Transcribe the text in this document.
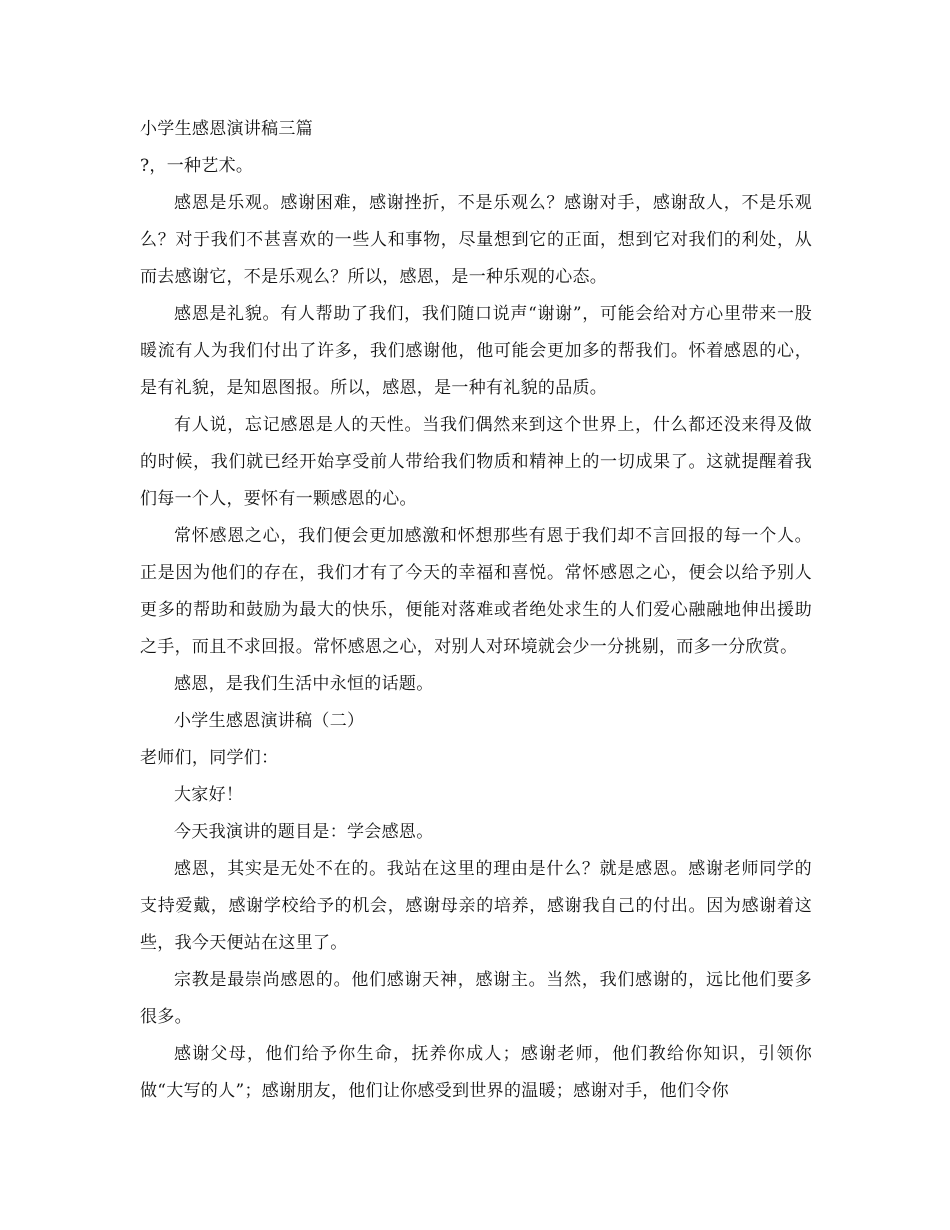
小学生感恩演讲稿三篇

?，一种艺术。

感恩是乐观。感谢困难，感谢挫折，不是乐观么？感谢对手，感谢敌人，不是乐观么？对于我们不甚喜欢的一些人和事物，尽量想到它的正面，想到它对我们的利处，从而去感谢它，不是乐观么？所以，感恩，是一种乐观的心态。

感恩是礼貌。有人帮助了我们，我们随口说声“谢谢”，可能会给对方心里带来一股暖流有人为我们付出了许多，我们感谢他，他可能会更加多的帮我们。怀着感恩的心，是有礼貌，是知恩图报。所以，感恩，是一种有礼貌的品质。

有人说，忘记感恩是人的天性。当我们偶然来到这个世界上，什么都还没来得及做的时候，我们就已经开始享受前人带给我们物质和精神上的一切成果了。这就提醒着我们每一个人，要怀有一颗感恩的心。

常怀感恩之心，我们便会更加感激和怀想那些有恩于我们却不言回报的每一个人。正是因为他们的存在，我们才有了今天的幸福和喜悦。常怀感恩之心，便会以给予别人更多的帮助和鼓励为最大的快乐，便能对落难或者绝处求生的人们爱心融融地伸出援助之手，而且不求回报。常怀感恩之心，对别人对环境就会少一分挑剔，而多一分欣赏。

感恩，是我们生活中永恒的话题。

小学生感恩演讲稿（二）

老师们，同学们：

大家好！

今天我演讲的题目是：学会感恩。

感恩，其实是无处不在的。我站在这里的理由是什么？就是感恩。感谢老师同学的支持爱戴，感谢学校给予的机会，感谢母亲的培养，感谢我自己的付出。因为感谢着这些，我今天便站在这里了。

宗教是最崇尚感恩的。他们感谢天神，感谢主。当然，我们感谢的，远比他们要多很多。

感谢父母，他们给予你生命，抚养你成人；感谢老师，他们教给你知识，引领你做“大写的人”；感谢朋友，他们让你感受到世界的温暖；感谢对手，他们令你
